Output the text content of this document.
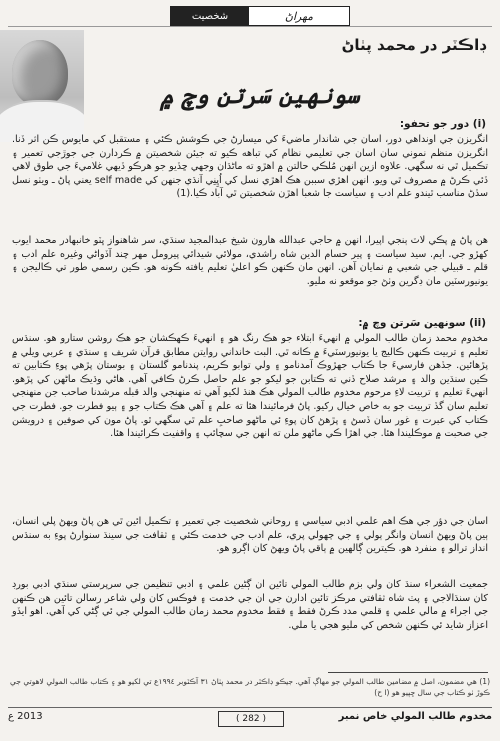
شخصيت	مهراڻ
ڊاڪٽر در محمد پٺاڻ
سونهين سَرتن وچ ۾
(i) دور جو تحفو:
انگريزن جي اونداهي دور، اسان جي شاندار ماضيءَ کي ميسارڻ جي ڪوشش ڪئي ۽ مستقبل کي مايوس ڪن اثر ڏنا. انگريزن منظم نموني سان اسان جي تعليمي نظام کي تباهه ڪيو ته جيئن شخصيتن ۾ ڪردارن جي جوڙجي تعمير ۽ تڪميل ٿي نه سگهي. علاوه ازين انهن مُلڪي حالتن ۾ اهڙو ته ماڻڌان وجهي ڇڏيو جو هرڪو ڏيهي غلاميءَ جي طوق لاهي ڏئي ڪرڻ ۾ مصروف ٿي ويو. انهن اهڙي سببن هڪ اهڙي نسل کي اُڀِنِي آنڌي جنهن کي self made يعني پاڻ ـ ويٺو نسل سڏڻ مناسب ٿيندو علم ادب ۽ سياست جا شعبا اهڙن شخصيتن ٿي آباد ڪيا.(1)
هن پاڻ ۾ پڪي لاٽ ٻنجي اپيرا، انهن ۾ حاجي عبدالله هارون شيخ عبدالمجيد سنڌي، سر شاهنواز ڀٽو خانبهادر محمد ايوب کهڙو جي. ايم. سيد سياست ۽ پير حسام الدين شاه راشدي، مولائي شيدائي پيرومل مهر چند آڏواڻي وغيره علم ادب ۽ قلم ـ قبيلي جي شعبي ۾ نمايان آهن. انهن مان ڪنهن ڪو اعليٰ تعليم يافته ڪونه هو. ڪين رسمي طور تي ڪاليجن ۽ يونيورسٽين مان ڊگرين وٺڻ جو موقعو نه مليو.
(ii) سونهين سَرتن وچ ۾:
مخدوم محمد زمان طالب المولي ۾ انهيءَ ابتلاء جو هڪ رنگ هو ۽ انهيءَ ڪهڪشان جو هڪ روشن ستارو هو. سنڌس تعليم ۽ تربيت ڪنهن ڪاليج يا يونيورسٽيءَ ۾ ڪانه ٿي. البت خانداني روايتن مطابق قرآن شريف ۽ سنڌي ۽ عربي ويلي ۾ پڙهائين. جڏهن فارسيءَ جا ڪتاب جهڙوڪ آمدنامو ۽ ولي توابو ڪريم، پندنامو گلستان ۽ بوستان پڙهي پوءِ ڪتابين ته ڪين سنڌين والد ۽ مرشد صلاح ڏني ته ڪتابن جو ليکو جو علم حاصل ڪرڻ ڪافي آهي. هاڻي وڌيڪ ماڻهن کي پڙهو. انهيءَ تعليم ۽ تربيت لاءِ مرحوم مخدوم طالب المولي هڪ هنڌ لکيو آهي ته منهنجي والد قبله مرشدنا صاحب جن منهنجي تعليم سان گڏ تربيت جو به خاص خيال رکيو. پاڻ فرمائيندا هئا ته علم ۽ آهي هڪ ڪتاب جو ۽ ٻيو فطرت جو. فطرت جي ڪتاب کي عبرت ۽ غور سان ڏسڻ ۽ پڙهڻ کان پوءِ ئي ماڻهو صاحبِ علم ٿي سگهي ٿو. پاڻ مون کي صوفين ۽ درويشن جي صحبت ۾ موڪليندا هئا. جي اهڙا ڪي ماڻهو ملن ته انهن جي سچائپ ۽ واقفيت ڪرائيندا هئا.
اسان جي دؤر جي هڪ اهم علمي ادبي سياسي ۽ روحاني شخصيت جي تعمير ۽ تڪميل ائين ٿي هن پاڻ ويهڻ پلي انسان، ٻين پاڻ ويهڻ انسان وانگر ٻولي ۽ جي ڄهولي پري، علم ادب جي خدمت ڪئي ۽ ثقافت جي سينڌ سنوارڻ پوءِ به سنڌس انداز ترالو ۽ منفرد هو. ڪيترين ڳالهين ۾ ٻاقي پاڻ ويهڻ کان اڳرو هو.
جمعيت الشعراء سنڌ کان ولي بزم طالب المولي تائين ان ڳڻين علمي ۽ ادبي تنظيمن جي سرپرستي سنڌي ادبي بورڊ کان سنڌالاجي ۽ پٽ شاه ثقافتي مرڪز تائين ادارن جي ان جي خدمت ۽ فوڪس کان ولي شاعر رسالن تائين هن ڪنهن جي اجراء ۾ مالي علمي ۽ قلمي مدد ڪرڻ فقط ۽ فقط مخدوم محمد زمان طالب المولي جي ئي ڳڻي کي آهي. اهو ايڏو اعزاز شايد ئي ڪنهن شخص کي مليو هجي يا ملي.
(1) هي مضمون، اصل ۾ مضامين طالب المولي جو مهاڳ آهي. جيڪو ڊاڪٽر در محمد پٺاڻ ٣١ آڪٽوبر ١٩٩٤ع تي لکيو هو ۽ ڪتاب طالب المولي لاهوتي جي ڪوڙ ٺو ڪتاب جي سال ڇپيو هو (ا ح)
مخدوم طالب المولي خاص نمبر
( 282 )
2013 ع
